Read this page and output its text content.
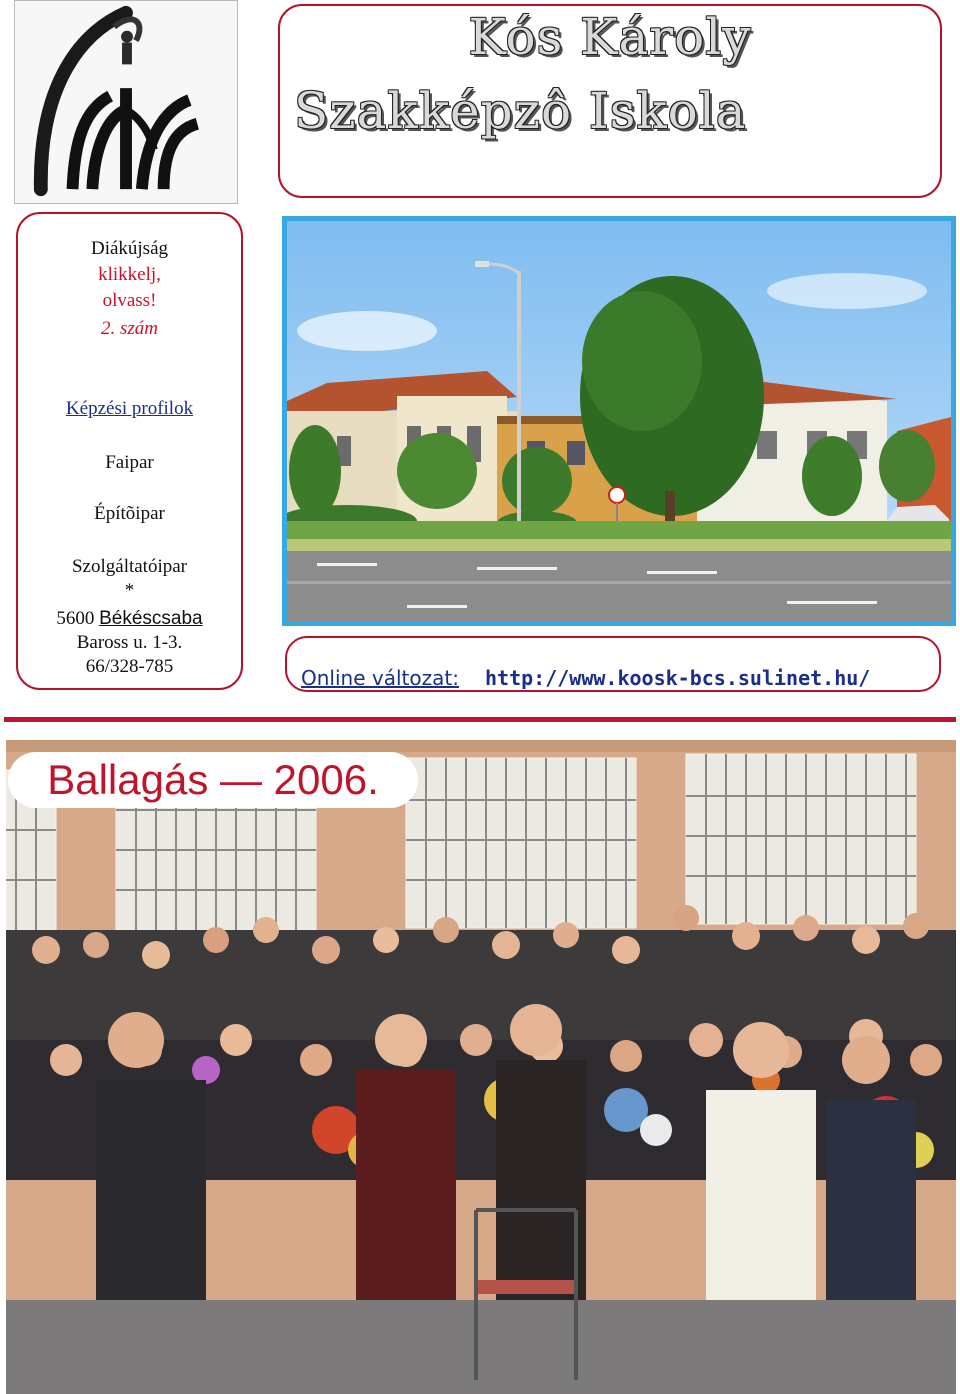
Kós Károly
Szakképzô Iskola
Diákújság
klikkelj,
olvass!
2. szám
Képzési profilok
Faipar
Építõipar
Szolgáltatóipar
*
5600 Békéscsaba
Baross u. 1-3.
66/328-785	Online változat: http://www.koosk-bcs.sulinet.hu/
Ballagás — 2006.
